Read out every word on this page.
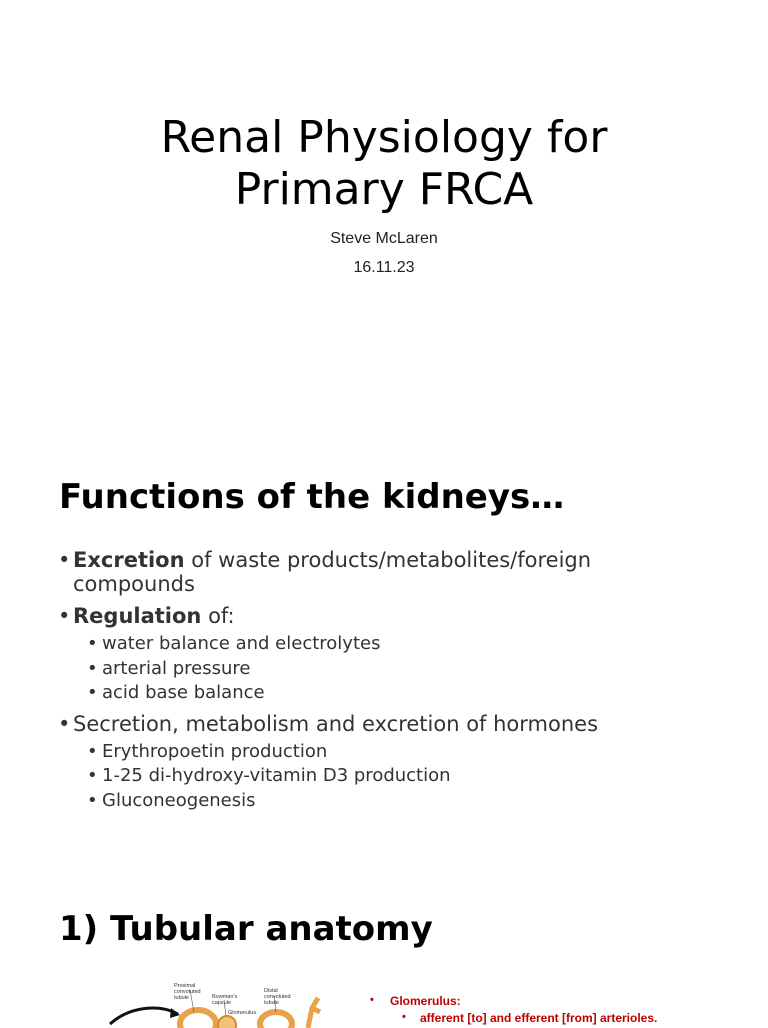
Renal Physiology for
Primary FRCA
Steve McLaren
16.11.23
Functions of the kidneys…
• Excretion of waste products/metabolites/foreign compounds
• Regulation of:
• water balance and electrolytes
• arterial pressure
• acid base balance
• Secretion, metabolism and excretion of hormones
• Erythropoetin production
• 1-25 di-hydroxy-vitamin D3 production
• Gluconeogenesis
1) Tubular anatomy
Proximal convoluted tubule	Bowman's capsule
Glomerulus
Distal convoluted tubule	• Glomerulus:
• afferent [to] and efferent [from] arterioles.
